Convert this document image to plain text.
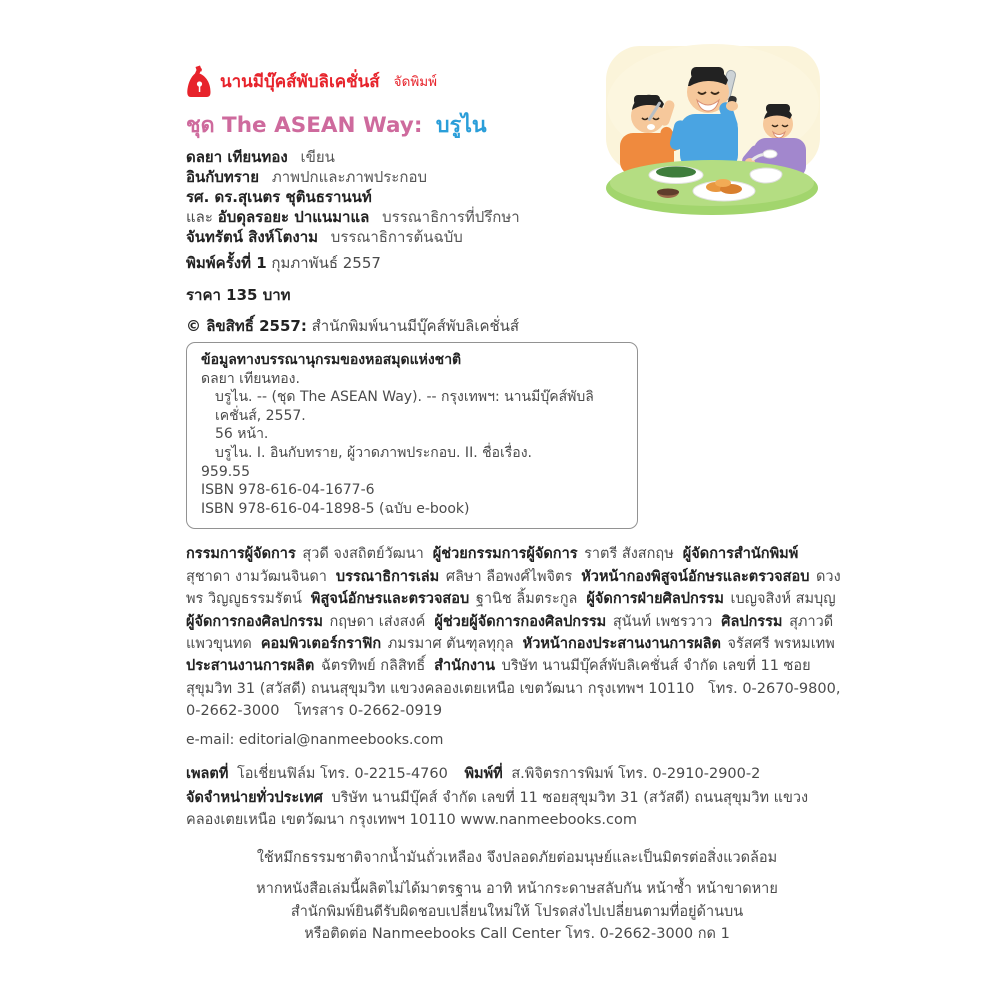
นานมีบุ๊คส์พับลิเคชั่นส์ จัดพิมพ์
ชุด The ASEAN Way: บรูไน
ดลยา เทียนทอง เขียน
อินกับทราย ภาพปกและภาพประกอบ
รศ. ดร.สุเนตร ชุตินธรานนท์
และ อับดุลรอยะ ปาแนมาแล บรรณาธิการที่ปรึกษา
จันทรัตน์ สิงห์โตงาม บรรณาธิการต้นฉบับ
พิมพ์ครั้งที่ 1 กุมภาพันธ์ 2557
ราคา 135 บาท
© ลิขสิทธิ์ 2557: สำนักพิมพ์นานมีบุ๊คส์พับลิเคชั่นส์
ข้อมูลทางบรรณานุกรมของหอสมุดแห่งชาติ
ดลยา เทียนทอง.
บรูไน. -- (ชุด The ASEAN Way). -- กรุงเทพฯ: นานมีบุ๊คส์พับลิเคชั่นส์, 2557.
56 หน้า.
บรูไน. I. อินกับทราย, ผู้วาดภาพประกอบ. II. ชื่อเรื่อง.
959.55
ISBN 978-616-04-1677-6
ISBN 978-616-04-1898-5 (ฉบับ e-book)
กรรมการผู้จัดการ สุวดี จงสถิตย์วัฒนา ผู้ช่วยกรรมการผู้จัดการ ราตรี สังสกฤษ ผู้จัดการสำนักพิมพ์ สุชาดา งามวัฒนจินดา บรรณาธิการเล่ม ศลิษา ลือพงศ์ไพจิตร หัวหน้ากองพิสูจน์อักษรและตรวจสอบ ดวงพร วิญญูธรรมรัตน์ พิสูจน์อักษรและตรวจสอบ ฐานิช ลิ้มตระกูล ผู้จัดการฝ่ายศิลปกรรม เบญจสิงห์ สมบุญผู้จัดการกองศิลปกรรม กฤษดา เส่งสงค์ ผู้ช่วยผู้จัดการกองศิลปกรรม สุนันท์ เพชรวาว ศิลปกรรม สุภาวดี แพวขุนทด คอมพิวเตอร์กราฟิก ภมรมาศ ตันฑุลทุกุล หัวหน้ากองประสานงานการผลิต จรัสศรี พรหมเทพประสานงานการผลิต ฉัตรทิพย์ กลิสิทธิ์ สำนักงาน บริษัท นานมีบุ๊คส์พับลิเคชั่นส์ จำกัด เลขที่ 11 ซอยสุขุมวิท 31 (สวัสดี) ถนนสุขุมวิท แขวงคลองเตยเหนือ เขตวัฒนา กรุงเทพฯ 10110 โทร. 0-2670-9800, 0-2662-3000 โทรสาร 0-2662-0919
e-mail: editorial@nanmeebooks.com
เพลตที่ โอเชี่ยนฟิล์ม โทร. 0-2215-4760 พิมพ์ที่ ส.พิจิตรการพิมพ์ โทร. 0-2910-2900-2
จัดจำหน่ายทั่วประเทศ บริษัท นานมีบุ๊คส์ จำกัด เลขที่ 11 ซอยสุขุมวิท 31 (สวัสดี) ถนนสุขุมวิท แขวงคลองเตยเหนือ เขตวัฒนา กรุงเทพฯ 10110 www.nanmeebooks.com
ใช้หมึกธรรมชาติจากน้ำมันถั่วเหลือง จึงปลอดภัยต่อมนุษย์และเป็นมิตรต่อสิ่งแวดล้อม
หากหนังสือเล่มนี้ผลิตไม่ได้มาตรฐาน อาทิ หน้ากระดาษสลับกัน หน้าซ้ำ หน้าขาดหาย
สำนักพิมพ์ยินดีรับผิดชอบเปลี่ยนใหม่ให้ โปรดส่งไปเปลี่ยนตามที่อยู่ด้านบน
หรือติดต่อ Nanmeebooks Call Center โทร. 0-2662-3000 กด 1
